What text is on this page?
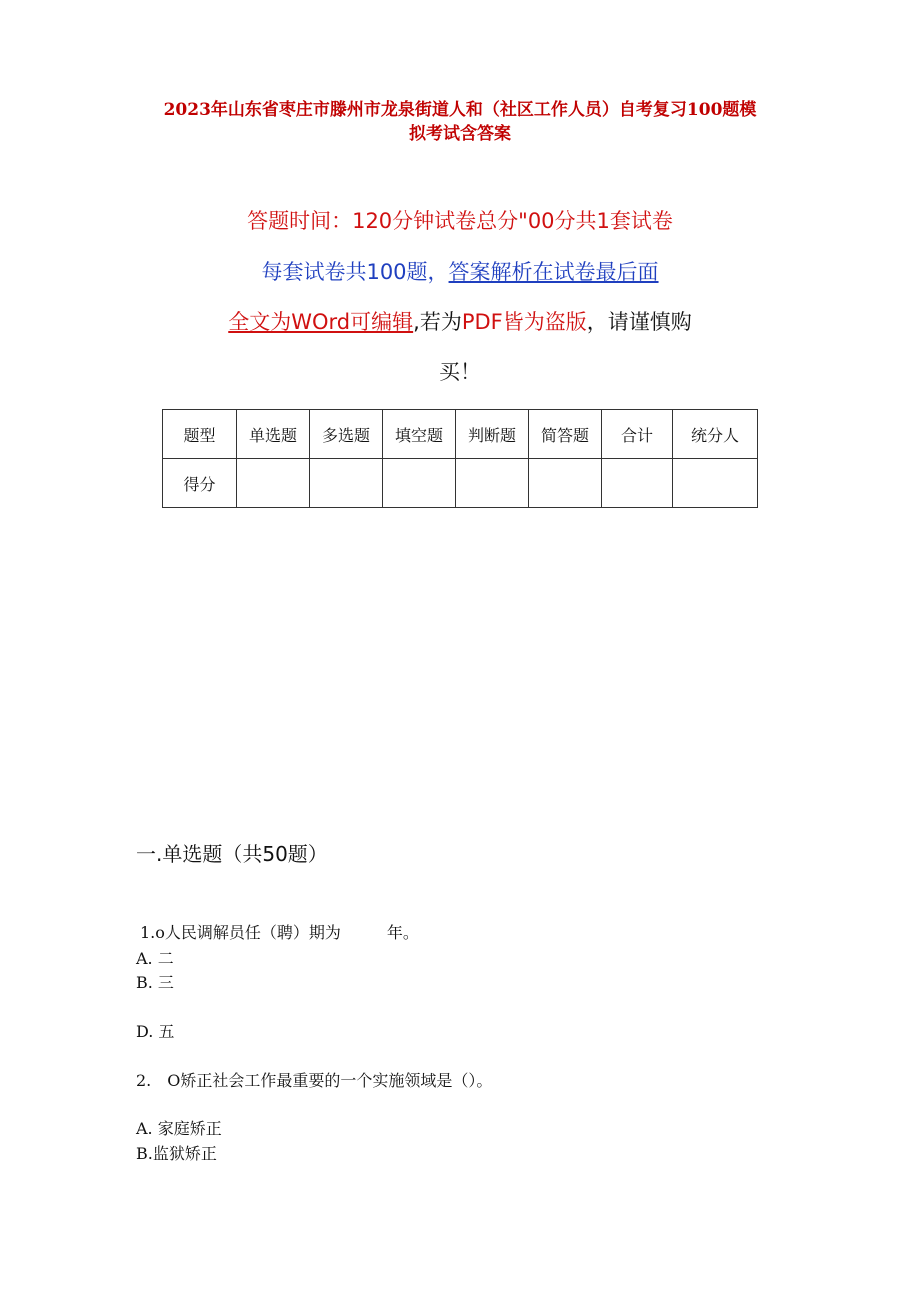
2023年山东省枣庄市滕州市龙泉街道人和（社区工作人员）自考复习100题模
拟考试含答案
答题时间：120分钟试卷总分"00分共1套试卷
每套试卷共100题，答案解析在试卷最后面
全文为WOrd可编辑,若为PDF皆为盗版，请谨慎购
买！
题型	单选题	多选题	填空题	判断题	简答题	合计	统分人
得分							
一.单选题（共50题）
1.o人民调解员任（聘）期为	年。
A. 二
B. 三
D. 五
2. O矫正社会工作最重要的一个实施领域是（）。
A. 家庭矫正
B.监狱矫正
